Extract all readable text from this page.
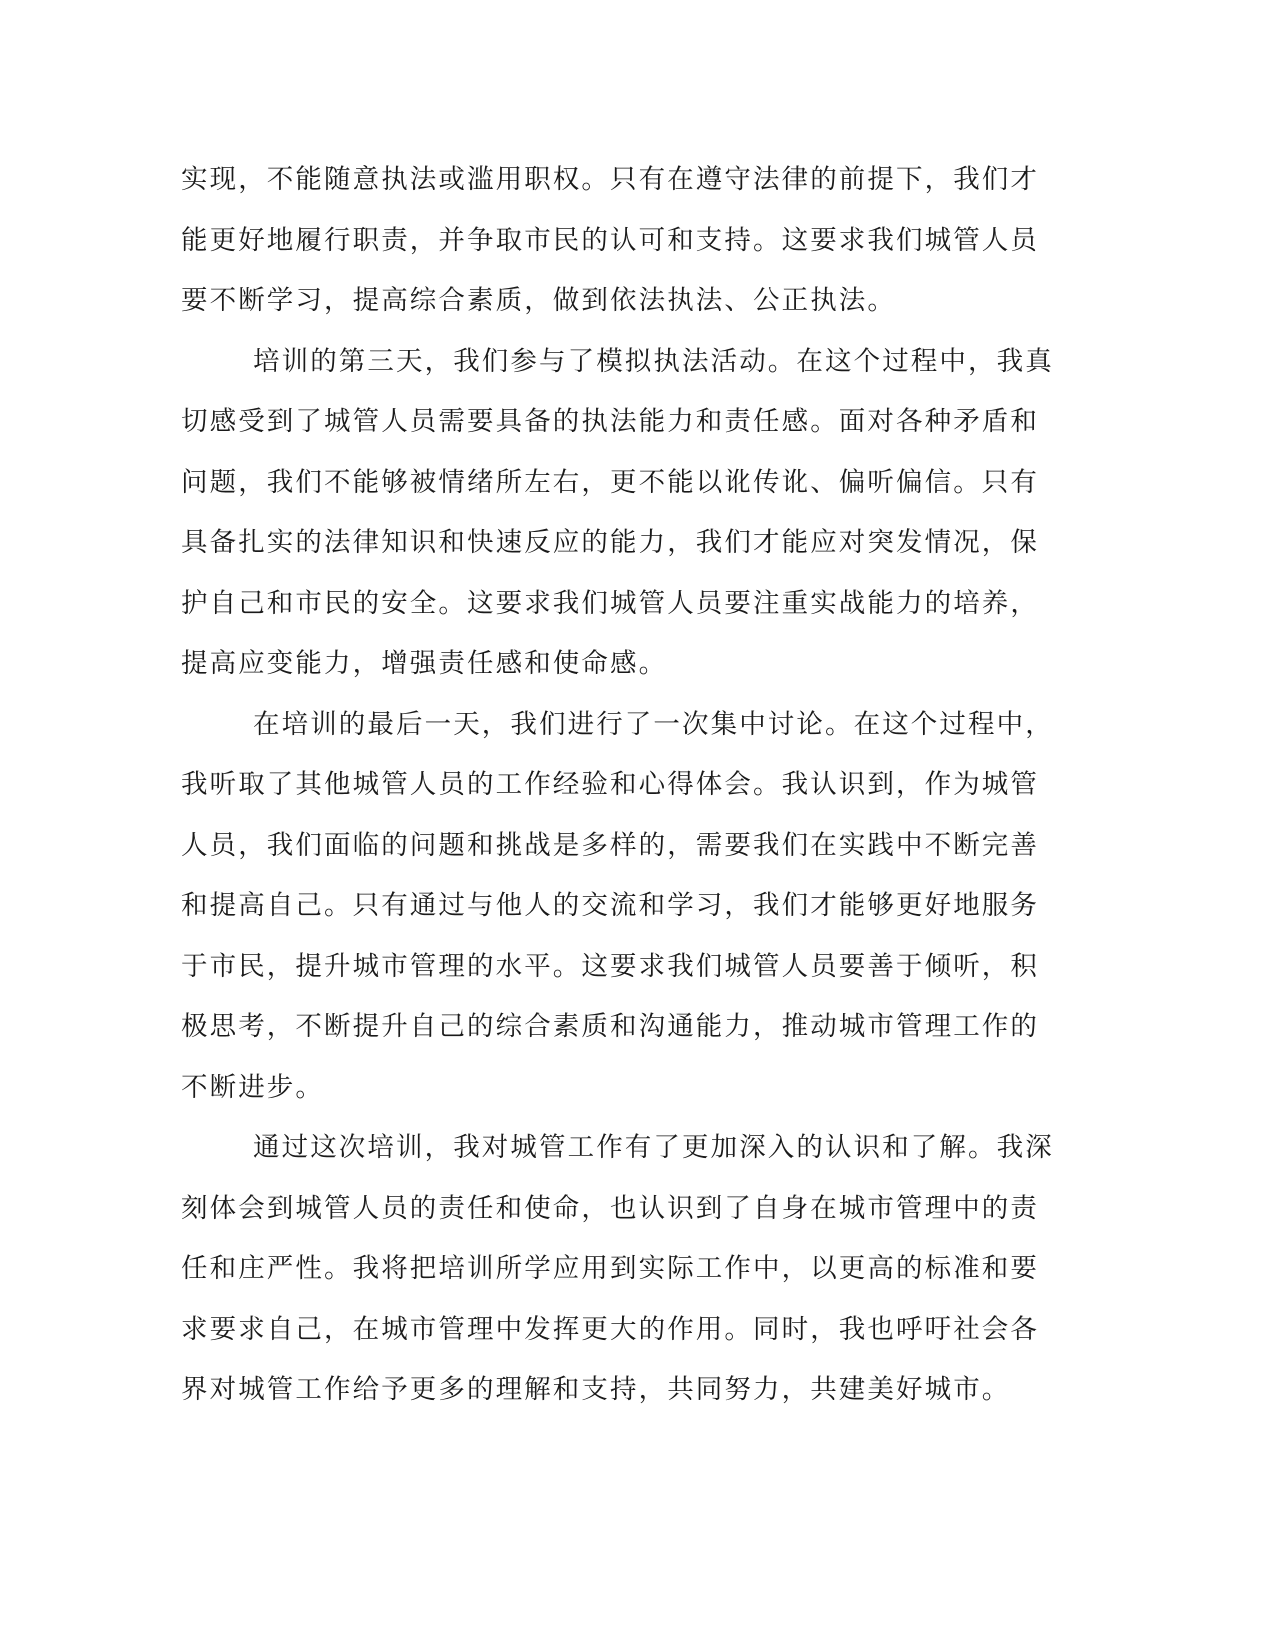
实现，不能随意执法或滥用职权。只有在遵守法律的前提下，我们才
能更好地履行职责，并争取市民的认可和支持。这要求我们城管人员
要不断学习，提高综合素质，做到依法执法、公正执法。

培训的第三天，我们参与了模拟执法活动。在这个过程中，我真
切感受到了城管人员需要具备的执法能力和责任感。面对各种矛盾和
问题，我们不能够被情绪所左右，更不能以讹传讹、偏听偏信。只有
具备扎实的法律知识和快速反应的能力，我们才能应对突发情况，保
护自己和市民的安全。这要求我们城管人员要注重实战能力的培养，
提高应变能力，增强责任感和使命感。

在培训的最后一天，我们进行了一次集中讨论。在这个过程中，
我听取了其他城管人员的工作经验和心得体会。我认识到，作为城管
人员，我们面临的问题和挑战是多样的，需要我们在实践中不断完善
和提高自己。只有通过与他人的交流和学习，我们才能够更好地服务
于市民，提升城市管理的水平。这要求我们城管人员要善于倾听，积
极思考，不断提升自己的综合素质和沟通能力，推动城市管理工作的
不断进步。

通过这次培训，我对城管工作有了更加深入的认识和了解。我深
刻体会到城管人员的责任和使命，也认识到了自身在城市管理中的责
任和庄严性。我将把培训所学应用到实际工作中，以更高的标准和要
求要求自己，在城市管理中发挥更大的作用。同时，我也呼吁社会各
界对城管工作给予更多的理解和支持，共同努力，共建美好城市。
